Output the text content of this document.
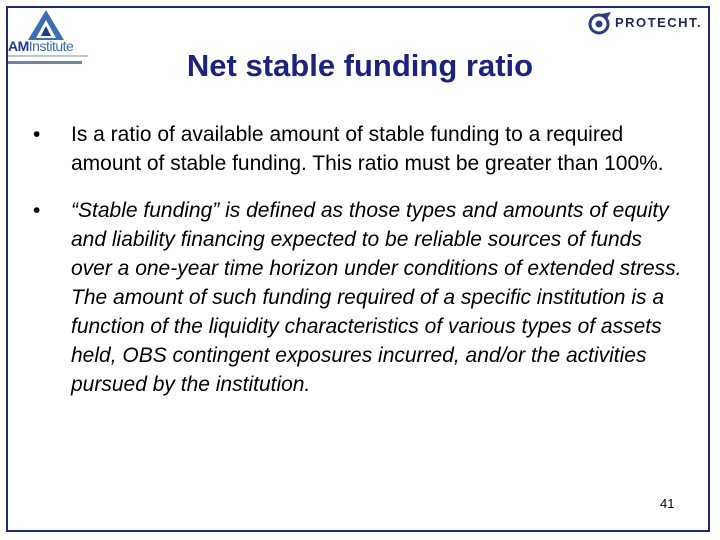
AMInstitute
PROTECHT.
Net stable funding ratio
• Is a ratio of available amount of stable funding to a required amount of stable funding. This ratio must be greater than 100%.
• “Stable funding” is defined as those types and amounts of equity and liability financing expected to be reliable sources of funds over a one-year time horizon under conditions of extended stress. The amount of such funding required of a specific institution is a function of the liquidity characteristics of various types of assets held, OBS contingent exposures incurred, and/or the activities pursued by the institution.
41
